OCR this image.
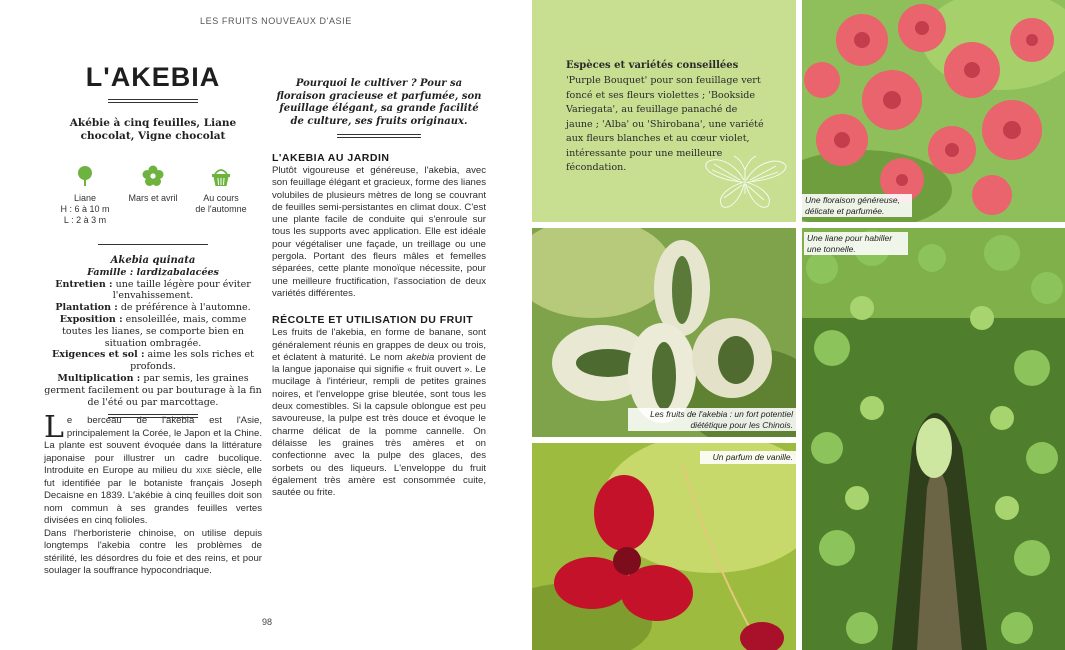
LES FRUITS NOUVEAUX D'ASIE
L'AKEBIA
Akébie à cinq feuilles, Liane chocolat, Vigne chocolat
Liane
H : 6 à 10 m
L : 2 à 3 m
Mars et avril	Au cours
de l'automne
Akebia quinata
Famille : lardizabalacées
Entretien : une taille légère pour éviter l'envahissement.
Plantation : de préférence à l'automne.
Exposition : ensoleillée, mais, comme toutes les lianes, se comporte bien en situation ombragée.
Exigences et sol : aime les sols riches et profonds.
Multiplication : par semis, les graines germent facilement ou par bouturage à la fin de l'été ou par marcottage.
Le berceau de l'akebia est l'Asie, principalement la Corée, le Japon et la Chine. La plante est souvent évoquée dans la littérature japonaise pour illustrer un cadre bucolique. Introduite en Europe au milieu du xixe siècle, elle fut identifiée par le botaniste français Joseph Decaisne en 1839. L'akébie à cinq feuilles doit son nom commun à ses grandes feuilles vertes divisées en cinq folioles.
Dans l'herboristerie chinoise, on utilise depuis longtemps l'akebia contre les problèmes de stérilité, les désordres du foie et des reins, et pour soulager la souffrance hypocondriaque.
Pourquoi le cultiver ? Pour sa floraison gracieuse et parfumée, son feuillage élégant, sa grande facilité de culture, ses fruits originaux.
L'AKEBIA AU JARDIN
Plutôt vigoureuse et généreuse, l'akebia, avec son feuillage élégant et gracieux, forme des lianes volubiles de plusieurs mètres de long se couvrant de feuilles semi-persistantes en climat doux. C'est une plante facile de conduite qui s'enroule sur tous les supports avec application. Elle est idéale pour végétaliser une façade, un treillage ou une pergola. Portant des fleurs mâles et femelles séparées, cette plante monoïque nécessite, pour une meilleure fructification, l'association de deux variétés différentes.
RÉCOLTE ET UTILISATION DU FRUIT
Les fruits de l'akebia, en forme de banane, sont généralement réunis en grappes de deux ou trois, et éclatent à maturité. Le nom akebia provient de la langue japonaise qui signifie « fruit ouvert ». Le mucilage à l'intérieur, rempli de petites graines noires, et l'enveloppe grise bleutée, sont tous les deux comestibles. Si la capsule oblongue est peu savoureuse, la pulpe est très douce et évoque le charme délicat de la pomme cannelle. On délaisse les graines très amères et on confectionne avec la pulpe des glaces, des sorbets ou des liqueurs. L'enveloppe du fruit également très amère est consommée cuite, sautée ou frite.
98
Espèces et variétés conseillées
'Purple Bouquet' pour son feuillage vert foncé et ses fleurs violettes ; 'Bookside Variegata', au feuillage panaché de jaune ; 'Alba' ou 'Shirobana', une variété aux fleurs blanches et au cœur violet, intéressante pour une meilleure fécondation.
Une floraison généreuse, délicate et parfumée.
Les fruits de l'akebia : un fort potentiel diététique pour les Chinois.
Un parfum de vanille.
Une liane pour habiller une tonnelle.
